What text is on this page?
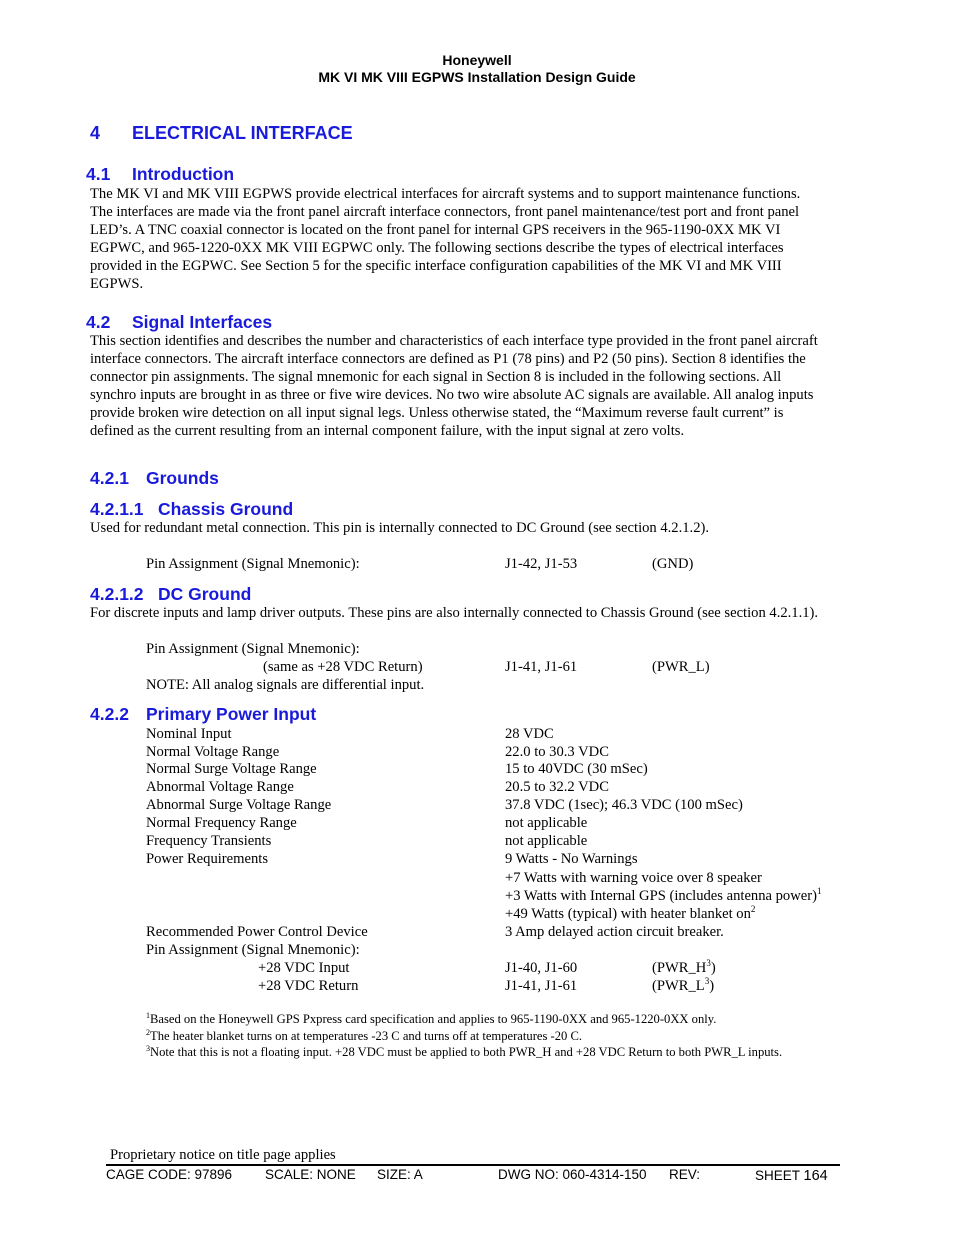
Honeywell
MK VI MK VIII EGPWS Installation Design Guide
4 ELECTRICAL INTERFACE
4.1 Introduction
The MK VI and MK VIII EGPWS provide electrical interfaces for aircraft systems and to support maintenance functions.
The interfaces are made via the front panel aircraft interface connectors, front panel maintenance/test port and front panel
LED’s. A TNC coaxial connector is located on the front panel for internal GPS receivers in the 965-1190-0XX MK VI
EGPWC, and 965-1220-0XX MK VIII EGPWC only. The following sections describe the types of electrical interfaces
provided in the EGPWC. See Section 5 for the specific interface configuration capabilities of the MK VI and MK VIII
EGPWS.
4.2 Signal Interfaces
This section identifies and describes the number and characteristics of each interface type provided in the front panel aircraft
interface connectors. The aircraft interface connectors are defined as P1 (78 pins) and P2 (50 pins). Section 8 identifies the
connector pin assignments. The signal mnemonic for each signal in Section 8 is included in the following sections. All
synchro inputs are brought in as three or five wire devices. No two wire absolute AC signals are available. All analog inputs
provide broken wire detection on all input signal legs. Unless otherwise stated, the “Maximum reverse fault current” is
defined as the current resulting from an internal component failure, with the input signal at zero volts.
4.2.1 Grounds
4.2.1.1 Chassis Ground
Used for redundant metal connection. This pin is internally connected to DC Ground (see section 4.2.1.2).
Pin Assignment (Signal Mnemonic):	J1-42, J1-53	(GND)
4.2.1.2 DC Ground
For discrete inputs and lamp driver outputs. These pins are also internally connected to Chassis Ground (see section 4.2.1.1).
Pin Assignment (Signal Mnemonic):
(same as +28 VDC Return)	J1-41, J1-61	(PWR_L)
NOTE: All analog signals are differential input.
4.2.2 Primary Power Input
Nominal Input	28 VDC
Normal Voltage Range	22.0 to 30.3 VDC
Normal Surge Voltage Range	15 to 40VDC (30 mSec)
Abnormal Voltage Range	20.5 to 32.2 VDC
Abnormal Surge Voltage Range	37.8 VDC (1sec); 46.3 VDC (100 mSec)
Normal Frequency Range	not applicable
Frequency Transients	not applicable
Power Requirements	9 Watts - No Warnings
+7 Watts with warning voice over 8 speaker
+3 Watts with Internal GPS (includes antenna power)$^1$
+49 Watts (typical) with heater blanket $on^2$
Recommended Power Control Device	3 Amp delayed action circuit breaker.
Pin Assignment (Signal Mnemonic):
+28 VDC Input	J1-40, J1-60	$(PWR\_H^3)$
+28 VDC Return	J1-41, J1-61	$(PWR\_L^3)$
$^1$Based on the Honeywell GPS Pxpress card specification and applies to 965-1190-0XX and 965-1220-0XX only.
$^2$The heater blanket turns on at temperatures -23 C and turns off at temperatures -20 C.
$^3$Note that this is not a floating input. +28 VDC must be applied to both PWR_H and +28 VDC Return to both PWR_L inputs.
Proprietary notice on title page applies
CAGE CODE: 97896 SCALE: NONE SIZE: A	DWG NO: 060-4314-150 REV:	SHEET 164
